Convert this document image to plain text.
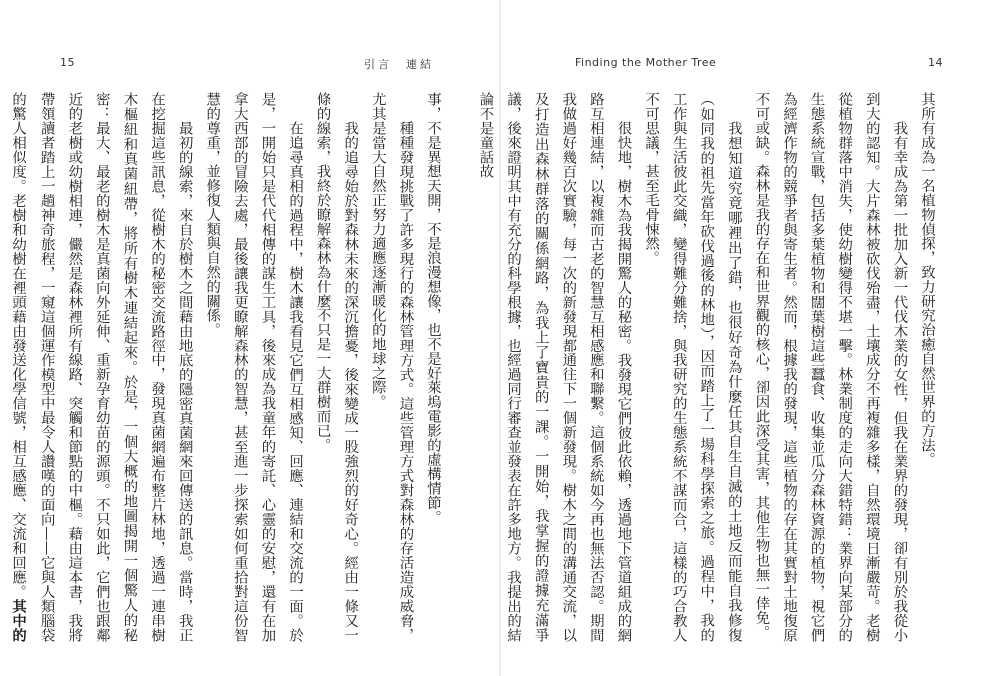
15	引言　連結

事，不是異想天開，不是浪漫想像，也不是好萊塢電影的虛構情節。

種種發現挑戰了許多現行的森林管理方式。這些管理方式對森林的存活造成威脅，尤其是當大自然正努力適應逐漸暖化的地球之際。

我的追尋始於對森林未來的深沉擔憂，後來變成一股強烈的好奇心。經由一條又一條的線索，我終於瞭解森林為什麼不只是一大群樹而已。

在追尋真相的過程中，樹木讓我看見它們互相感知、回應、連結和交流的一面。於是，一開始只是代代相傳的謀生工具，後來成為我童年的寄託、心靈的安慰，還有在加拿大西部的冒險去處，最後讓我更瞭解森林的智慧，甚至進一步探索如何重拾對這份智慧的尊重，並修復人類與自然的關係。

最初的線索，來自於樹木之間藉由地底的隱密真菌網來回傳送的訊息。當時，我正在挖掘這些訊息，從樹木的秘密交流路徑中，發現真菌網遍布整片林地，透過一連串樹木樞紐和真菌紐帶，將所有樹木連結起來。於是，一個大概的地圖揭開一個驚人的秘密：最大、最老的樹木是真菌向外延伸、重新孕育幼苗的源頭。不只如此，它們也跟鄰近的老樹或幼樹相連，儼然是森林裡所有線路、突觸和節點的中樞。藉由這本書，我將帶領讀者踏上一趟神奇旅程，一窺這個運作模型中最令人讚嘆的面向——它與人類腦袋的驚人相似度。老樹和幼樹在裡頭藉由發送化學信號，相互感應、交流和回應。其中的

Finding the Mother Tree	14

其所有成為一名植物偵探，致力研究治癒自然世界的方法。

我有幸成為第一批加入新一代伐木業的女性，但我在業界的發現，卻有別於我從小到大的認知。大片森林被砍伐殆盡，土壤成分不再複雜多樣，自然環境日漸嚴苛。老樹從植物群落中消失，使幼樹變得不堪一擊。林業制度的走向大錯特錯：業界向某部分的生態系統宣戰，包括多葉植物和闊葉樹這些蠶食、收集並瓜分森林資源的植物，視它們為經濟作物的競爭者與寄生者。然而，根據我的發現，這些植物的存在其實對土地復原不可或缺。森林是我的存在和世界觀的核心，卻因此深受其害，其他生物也無一倖免。

我想知道究竟哪裡出了錯，也很好奇為什麼任其自生自滅的土地反而能自我修復（如同我的祖先當年砍伐過後的林地），因而踏上了一場科學探索之旅。過程中，我的工作與生活彼此交織，變得難分難捨，與我研究的生態系統不謀而合，這樣的巧合教人不可思議，甚至毛骨悚然。

很快地，樹木為我揭開驚人的秘密。我發現它們彼此依賴，透過地下管道組成的網路互相連結，以複雜而古老的智慧互相感應和聯繫。這個系統如今再也無法否認。期間我做過好幾百次實驗，每一次的新發現都通往下一個新發現。樹木之間的溝通交流，以及打造出森林群落的關係網路，為我上了寶貴的一課。一開始，我掌握的證據充滿爭議，後來證明其中有充分的科學根據，也經過同行審查並發表在許多地方。我提出的結論不是童話故
